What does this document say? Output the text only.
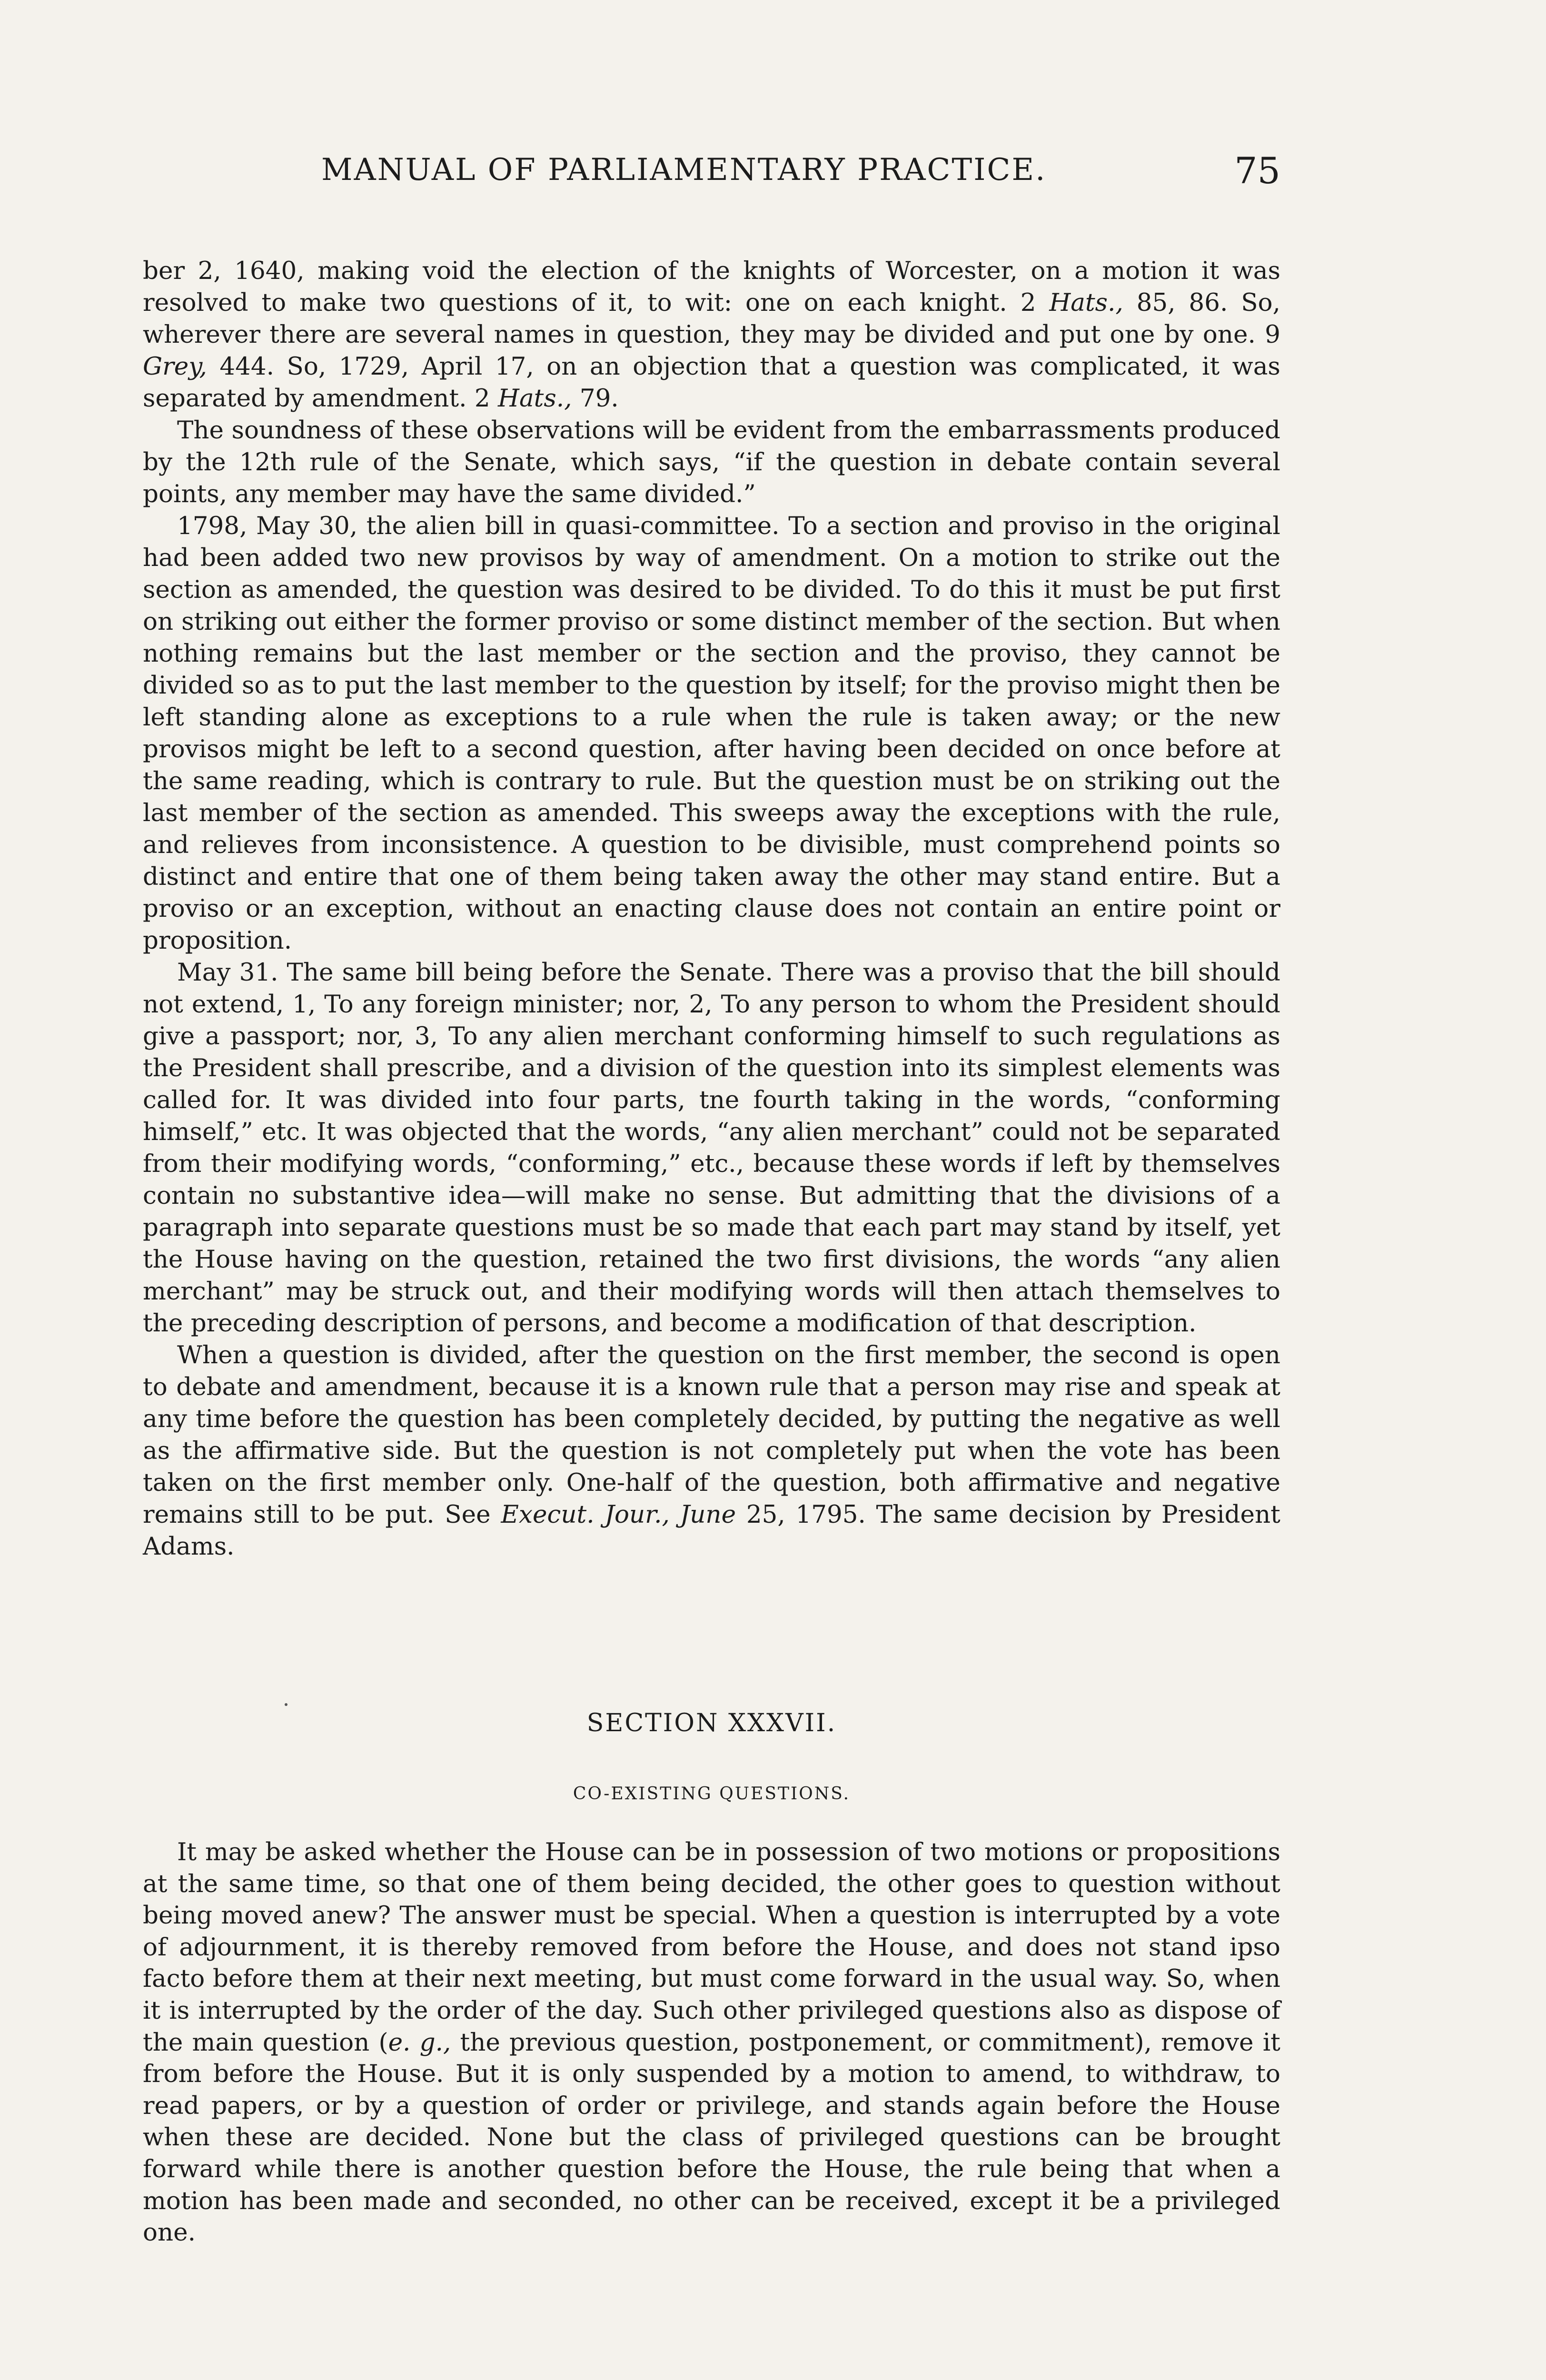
MANUAL OF PARLIAMENTARY PRACTICE.	75

ber 2, 1640, making void the election of the knights of Worcester, on a motion it was resolved to make two questions of it, to wit: one on each knight. 2 Hats., 85, 86. So, wherever there are several names in question, they may be divided and put one by one. 9 Grey, 444. So, 1729, April 17, on an objection that a question was complicated, it was separated by amendment. 2 Hats., 79.

The soundness of these observations will be evident from the embarrassments produced by the 12th rule of the Senate, which says, “if the question in debate contain several points, any member may have the same divided.”

1798, May 30, the alien bill in quasi-committee. To a section and proviso in the original had been added two new provisos by way of amendment. On a motion to strike out the section as amended, the question was desired to be divided. To do this it must be put first on striking out either the former proviso or some distinct member of the section. But when nothing remains but the last member or the section and the proviso, they cannot be divided so as to put the last member to the question by itself; for the proviso might then be left standing alone as exceptions to a rule when the rule is taken away; or the new provisos might be left to a second question, after having been decided on once before at the same reading, which is contrary to rule. But the question must be on striking out the last member of the section as amended. This sweeps away the exceptions with the rule, and relieves from inconsistence. A question to be divisible, must comprehend points so distinct and entire that one of them being taken away the other may stand entire. But a proviso or an exception, without an enacting clause does not contain an entire point or proposition.

May 31. The same bill being before the Senate. There was a proviso that the bill should not extend, 1, To any foreign minister; nor, 2, To any person to whom the President should give a passport; nor, 3, To any alien merchant conforming himself to such regulations as the President shall prescribe, and a division of the question into its simplest elements was called for. It was divided into four parts, tne fourth taking in the words, “conforming himself,” etc. It was objected that the words, “any alien merchant” could not be separated from their modifying words, “conforming,” etc., because these words if left by themselves contain no substantive idea—will make no sense. But admitting that the divisions of a paragraph into separate questions must be so made that each part may stand by itself, yet the House having on the question, retained the two first divisions, the words “any alien merchant” may be struck out, and their modifying words will then attach themselves to the preceding description of persons, and become a modification of that description.

When a question is divided, after the question on the first member, the second is open to debate and amendment, because it is a known rule that a person may rise and speak at any time before the question has been completely decided, by putting the negative as well as the affirmative side. But the question is not completely put when the vote has been taken on the first member only. One-half of the question, both affirmative and negative remains still to be put. See Execut. Jour., June 25, 1795. The same decision by President Adams.

SECTION XXXVII.
CO-EXISTING QUESTIONS.

It may be asked whether the House can be in possession of two motions or propositions at the same time, so that one of them being decided, the other goes to question without being moved anew? The answer must be special. When a question is interrupted by a vote of adjournment, it is thereby removed from before the House, and does not stand ipso facto before them at their next meeting, but must come forward in the usual way. So, when it is interrupted by the order of the day. Such other privileged questions also as dispose of the main question (e. g., the previous question, postponement, or commitment), remove it from before the House. But it is only suspended by a motion to amend, to withdraw, to read papers, or by a question of order or privilege, and stands again before the House when these are decided. None but the class of privileged questions can be brought forward while there is another question before the House, the rule being that when a motion has been made and seconded, no other can be received, except it be a privileged one.
